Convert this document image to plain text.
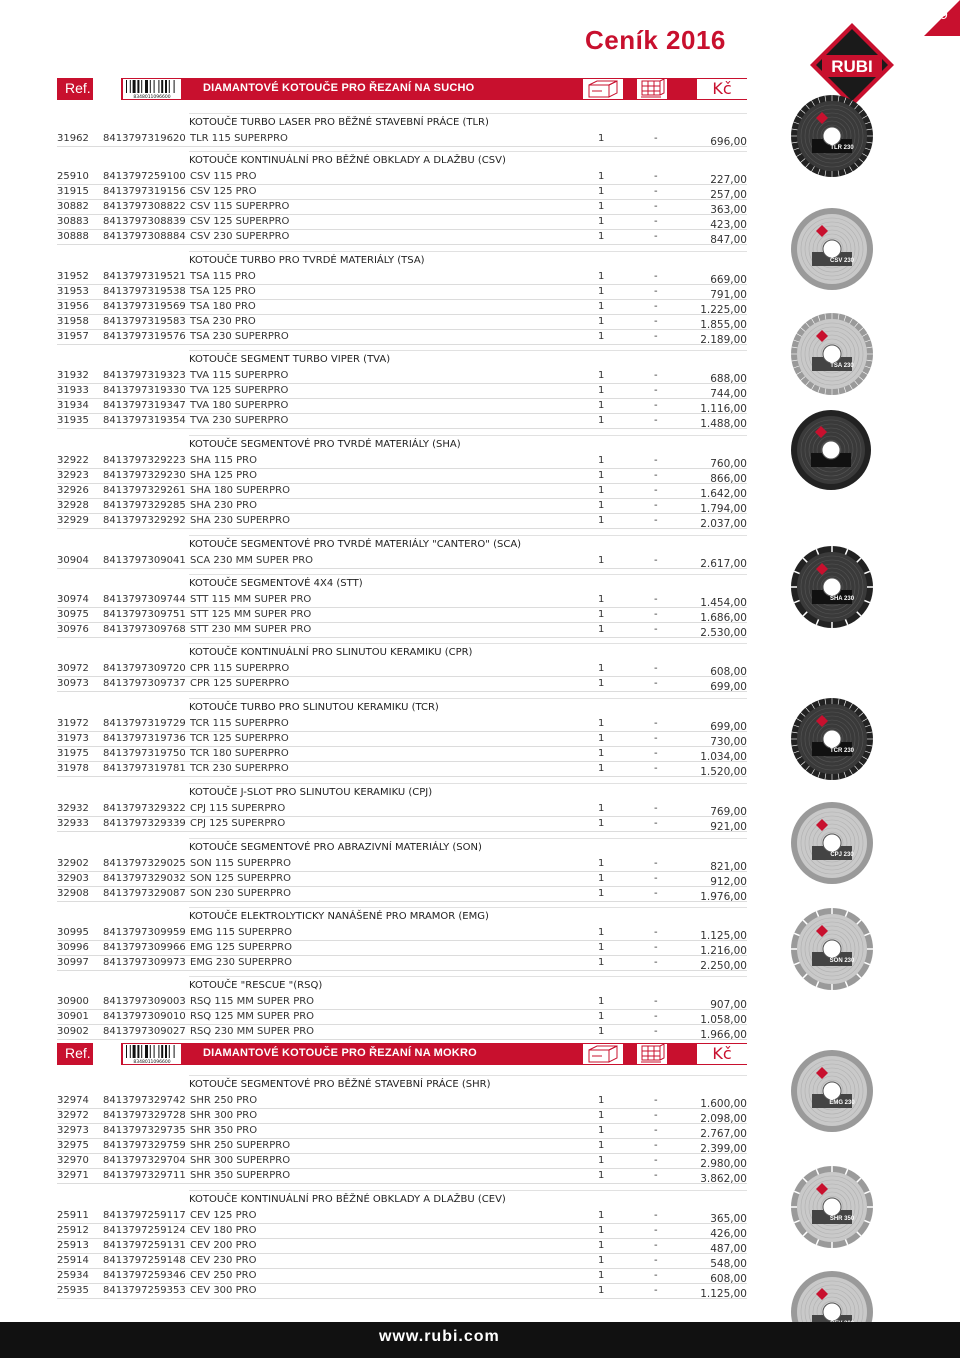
9
Ceník 2016
RUBI
Ref.
8348011096600
DIAMANTOVÉ KOTOUČE PRO ŘEZANÍ NA SUCHO	Kč
KOTOUČE TURBO LASER PRO BĚŽNÉ STAVEBNÍ PRÁCE (TLR)
31962 8413797319620 TLR 115 SUPERPRO	1	-	696,00
KOTOUČE KONTINUÁLNÍ PRO BĚŽNÉ OBKLADY A DLAŽBU (CSV)
25910 8413797259100 CSV 115 PRO	1	-	227,00
31915 8413797319156 CSV 125 PRO	1	-	257,00
30882 8413797308822 CSV 115 SUPERPRO	1	-	363,00
30883 8413797308839 CSV 125 SUPERPRO	1	-	423,00
30888 8413797308884 CSV 230 SUPERPRO	1	-	847,00
KOTOUČE TURBO PRO TVRDÉ MATERIÁLY (TSA)
31952 8413797319521 TSA 115 PRO	1	-	669,00
31953 8413797319538 TSA 125 PRO	1	-	791,00
31956 8413797319569 TSA 180 PRO	1	-	1.225,00
31958 8413797319583 TSA 230 PRO	1	-	1.855,00
31957 8413797319576 TSA 230 SUPERPRO	1	-	2.189,00
KOTOUČE SEGMENT TURBO VIPER (TVA)
31932 8413797319323 TVA 115 SUPERPRO	1	-	688,00
31933 8413797319330 TVA 125 SUPERPRO	1	-	744,00
31934 8413797319347 TVA 180 SUPERPRO	1	-	1.116,00
31935 8413797319354 TVA 230 SUPERPRO	1	-	1.488,00
KOTOUČE SEGMENTOVÉ PRO TVRDÉ MATERIÁLY (SHA)
32922 8413797329223 SHA 115 PRO	1	-	760,00
32923 8413797329230 SHA 125 PRO	1	-	866,00
32926 8413797329261 SHA 180 SUPERPRO	1	-	1.642,00
32928 8413797329285 SHA 230 PRO	1	-	1.794,00
32929 8413797329292 SHA 230 SUPERPRO	1	-	2.037,00
KOTOUČE SEGMENTOVÉ PRO TVRDÉ MATERIÁLY "CANTERO" (SCA)
30904 8413797309041 SCA 230 MM SUPER PRO	1	-	2.617,00
KOTOUČE SEGMENTOVÉ 4X4 (STT)
30974 8413797309744 STT 115 MM SUPER PRO	1	-	1.454,00
30975 8413797309751 STT 125 MM SUPER PRO	1	-	1.686,00
30976 8413797309768 STT 230 MM SUPER PRO	1	-	2.530,00
KOTOUČE KONTINUÁLNÍ PRO SLINUTOU KERAMIKU (CPR)
30972 8413797309720 CPR 115 SUPERPRO	1	-	608,00
30973 8413797309737 CPR 125 SUPERPRO	1	-	699,00
KOTOUČE TURBO PRO SLINUTOU KERAMIKU (TCR)
31972 8413797319729 TCR 115 SUPERPRO	1	-	699,00
31973 8413797319736 TCR 125 SUPERPRO	1	-	730,00
31975 8413797319750 TCR 180 SUPERPRO	1	-	1.034,00
31978 8413797319781 TCR 230 SUPERPRO	1	-	1.520,00
KOTOUČE J-SLOT PRO SLINUTOU KERAMIKU (CPJ)
32932 8413797329322 CPJ 115 SUPERPRO	1	-	769,00
32933 8413797329339 CPJ 125 SUPERPRO	1	-	921,00
KOTOUČE SEGMENTOVÉ PRO ABRAZIVNÍ MATERIÁLY (SON)
32902 8413797329025 SON 115 SUPERPRO	1	-	821,00
32903 8413797329032 SON 125 SUPERPRO	1	-	912,00
32908 8413797329087 SON 230 SUPERPRO	1	-	1.976,00
KOTOUČE ELEKTROLYTICKY NANÁŠENÉ PRO MRAMOR (EMG)
30995 8413797309959 EMG 115 SUPERPRO	1	-	1.125,00
30996 8413797309966 EMG 125 SUPERPRO	1	-	1.216,00
30997 8413797309973 EMG 230 SUPERPRO	1	-	2.250,00
KOTOUČE "RESCUE "(RSQ)
30900 8413797309003 RSQ 115 MM SUPER PRO	1	-	907,00
30901 8413797309010 RSQ 125 MM SUPER PRO	1	-	1.058,00
30902 8413797309027 RSQ 230 MM SUPER PRO	1	-	1.966,00
Ref.
8348011096600
DIAMANTOVÉ KOTOUČE PRO ŘEZANÍ NA MOKRO	Kč
KOTOUČE SEGMENTOVÉ PRO BĚŽNÉ STAVEBNÍ PRÁCE (SHR)
32974 8413797329742 SHR 250 PRO	1	-	1.600,00
32972 8413797329728 SHR 300 PRO	1	-	2.098,00
32973 8413797329735 SHR 350 PRO	1	-	2.767,00
32975 8413797329759 SHR 250 SUPERPRO	1	-	2.399,00
32970 8413797329704 SHR 300 SUPERPRO	1	-	2.980,00
32971 8413797329711 SHR 350 SUPERPRO	1	-	3.862,00
KOTOUČE KONTINUÁLNÍ PRO BĚŽNÉ OBKLADY A DLAŽBU (CEV)
25911 8413797259117 CEV 125 PRO	1	-	365,00
25912 8413797259124 CEV 180 PRO	1	-	426,00
25913 8413797259131 CEV 200 PRO	1	-	487,00
25914 8413797259148 CEV 230 PRO	1	-	548,00
25934 8413797259346 CEV 250 PRO	1	-	608,00
25935 8413797259353 CEV 300 PRO	1	-	1.125,00
TLR 230
CSV 230
TSA 230
SHA 230
TCR 230
CPJ 230
SON 230
EMG 230
SHR 350
www.rubi.com
